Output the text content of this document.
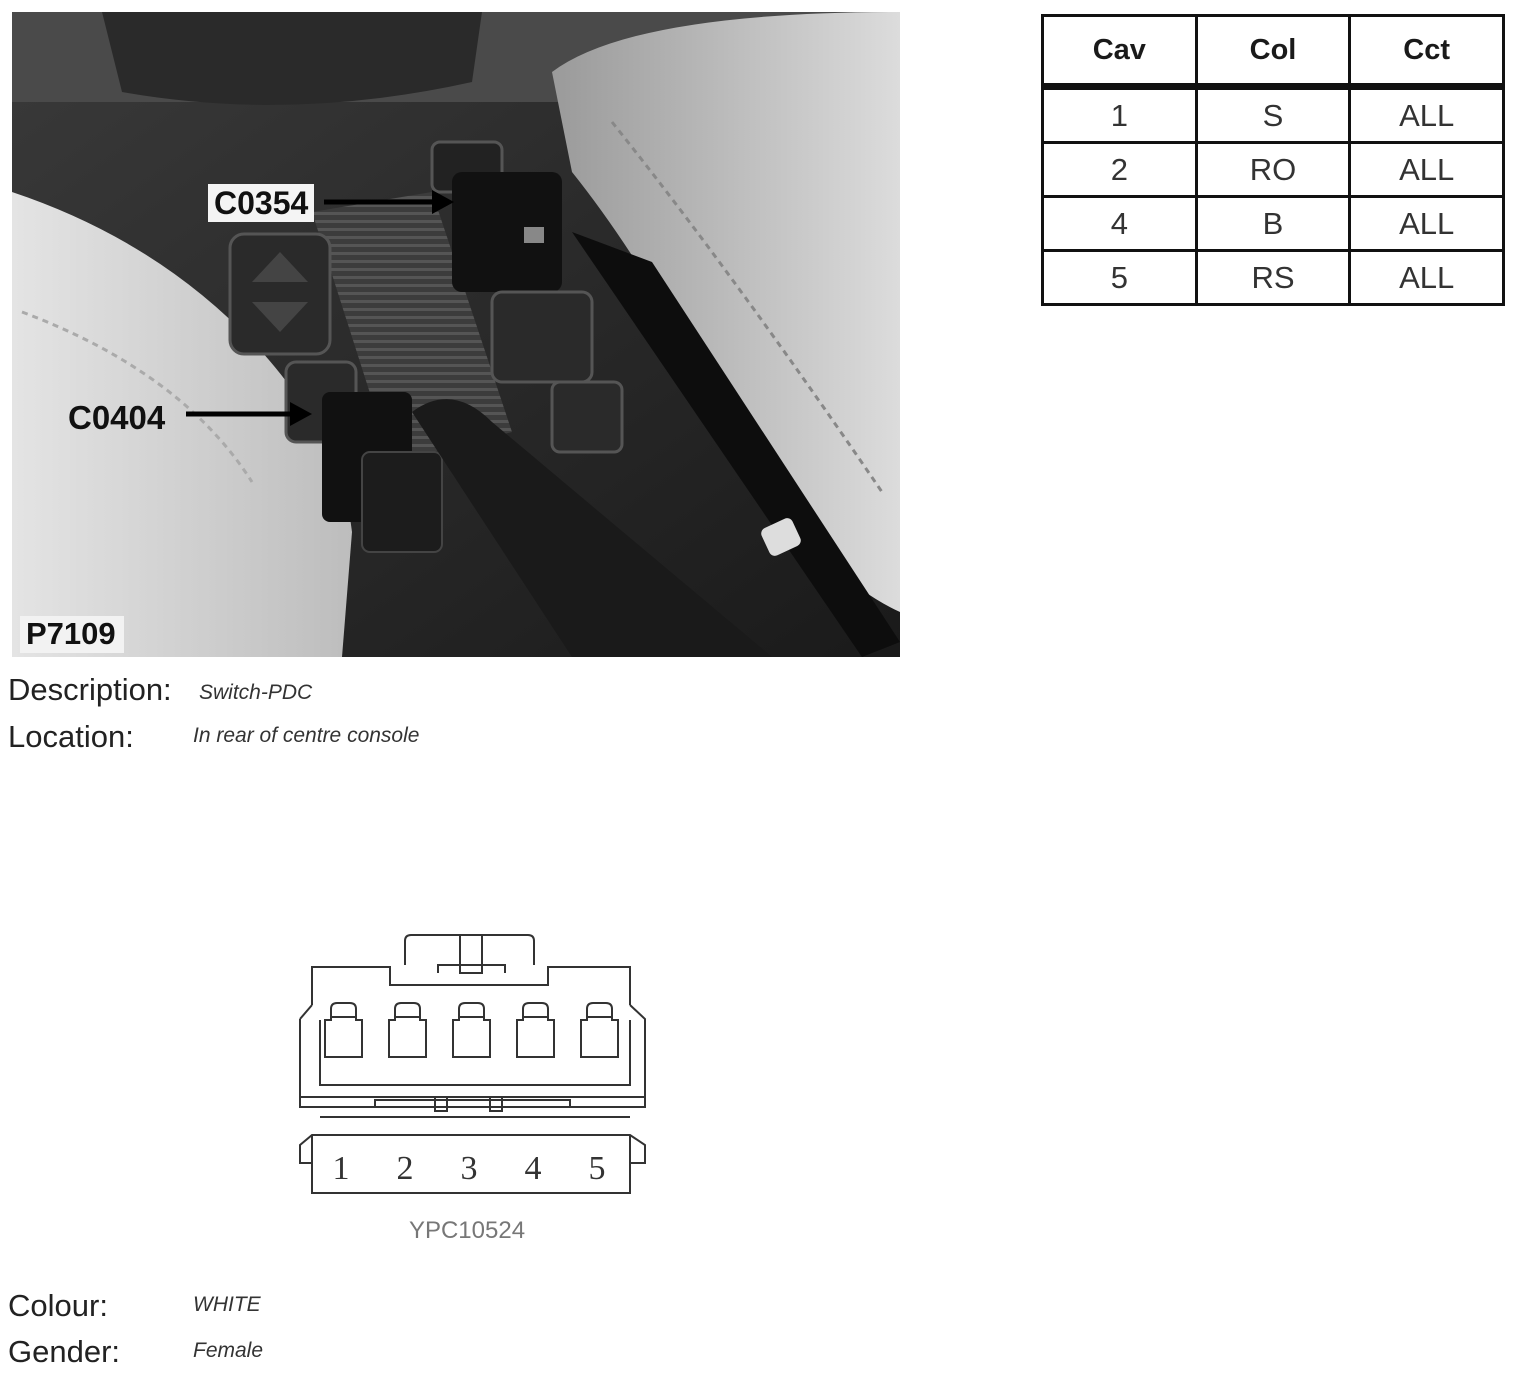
C0354
C0404
P7109
Description: Switch-PDC
Location:	In rear of centre console
Cav	Col	Cct
1	S	ALL
2	RO	ALL
4	B	ALL
5	RS	ALL
1 2 3 4 5
YPC10524
Colour:	WHITE
Gender:	Female
